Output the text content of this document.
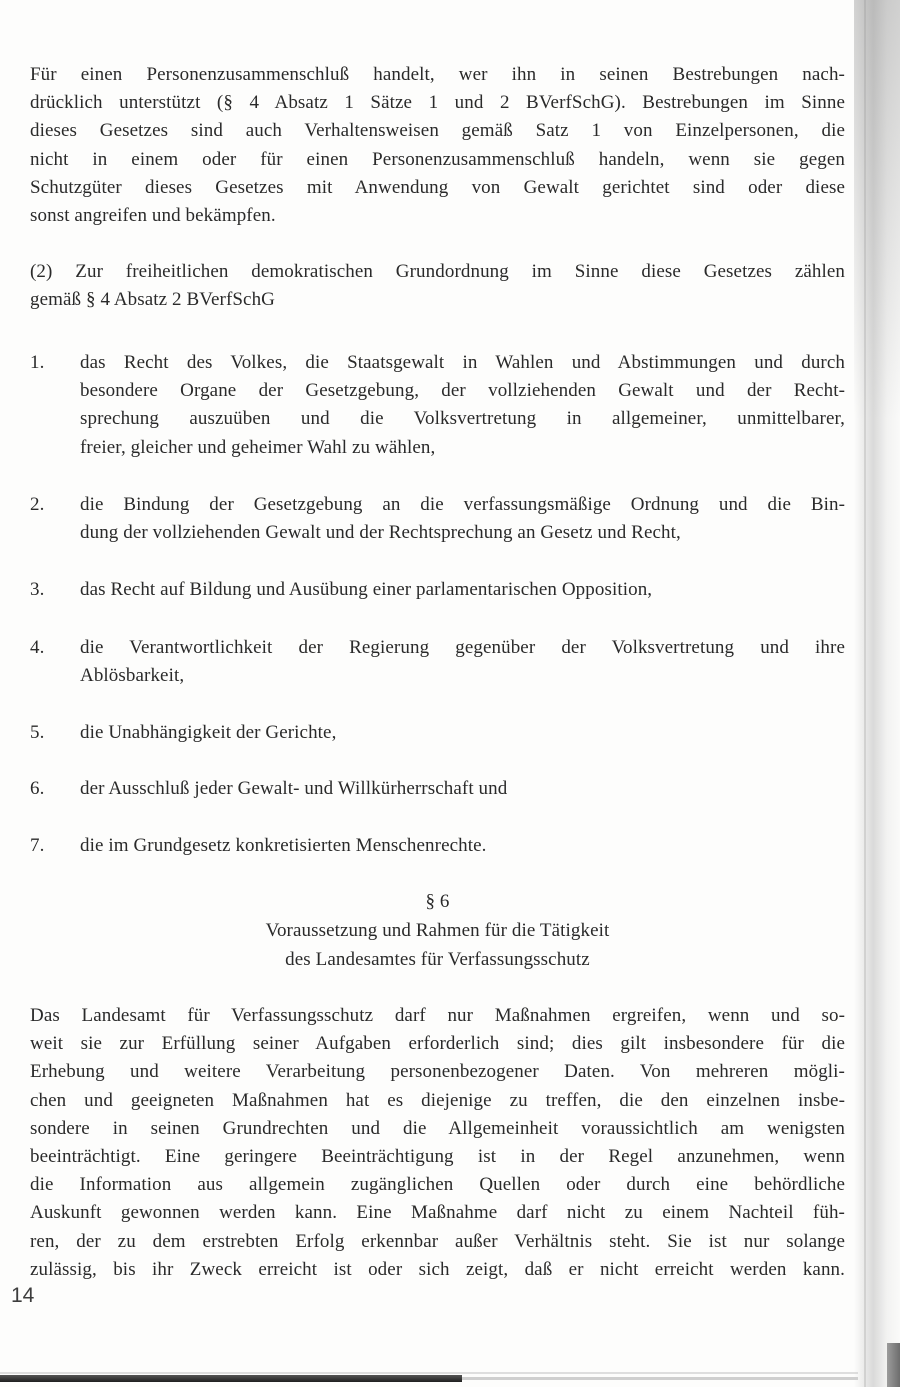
Für einen Personenzusammenschluß handelt, wer ihn in seinen Bestrebungen nach-
drücklich unterstützt (§ 4 Absatz 1 Sätze 1 und 2 BVerfSchG). Bestrebungen im Sinne
dieses Gesetzes sind auch Verhaltensweisen gemäß Satz 1 von Einzelpersonen, die
nicht in einem oder für einen Personenzusammenschluß handeln, wenn sie gegen
Schutzgüter dieses Gesetzes mit Anwendung von Gewalt gerichtet sind oder diese
sonst angreifen und bekämpfen.
(2) Zur freiheitlichen demokratischen Grundordnung im Sinne diese Gesetzes zählen
gemäß § 4 Absatz 2 BVerfSchG
1. das Recht des Volkes, die Staatsgewalt in Wahlen und Abstimmungen und durch
besondere Organe der Gesetzgebung, der vollziehenden Gewalt und der Recht-
sprechung auszuüben und die Volksvertretung in allgemeiner, unmittelbarer,
freier, gleicher und geheimer Wahl zu wählen,
2. die Bindung der Gesetzgebung an die verfassungsmäßige Ordnung und die Bin-
dung der vollziehenden Gewalt und der Rechtsprechung an Gesetz und Recht,
3. das Recht auf Bildung und Ausübung einer parlamentarischen Opposition,
4. die Verantwortlichkeit der Regierung gegenüber der Volksvertretung und ihre
Ablösbarkeit,
5. die Unabhängigkeit der Gerichte,
6. der Ausschluß jeder Gewalt- und Willkürherrschaft und
7. die im Grundgesetz konkretisierten Menschenrechte.
§ 6
Voraussetzung und Rahmen für die Tätigkeit
des Landesamtes für Verfassungsschutz
Das Landesamt für Verfassungsschutz darf nur Maßnahmen ergreifen, wenn und so-
weit sie zur Erfüllung seiner Aufgaben erforderlich sind; dies gilt insbesondere für die
Erhebung und weitere Verarbeitung personenbezogener Daten. Von mehreren mögli-
chen und geeigneten Maßnahmen hat es diejenige zu treffen, die den einzelnen insbe-
sondere in seinen Grundrechten und die Allgemeinheit voraussichtlich am wenigsten
beeinträchtigt. Eine geringere Beeinträchtigung ist in der Regel anzunehmen, wenn
die Information aus allgemein zugänglichen Quellen oder durch eine behördliche
Auskunft gewonnen werden kann. Eine Maßnahme darf nicht zu einem Nachteil füh-
ren, der zu dem erstrebten Erfolg erkennbar außer Verhältnis steht. Sie ist nur solange
zulässig, bis ihr Zweck erreicht ist oder sich zeigt, daß er nicht erreicht werden kann.
14
